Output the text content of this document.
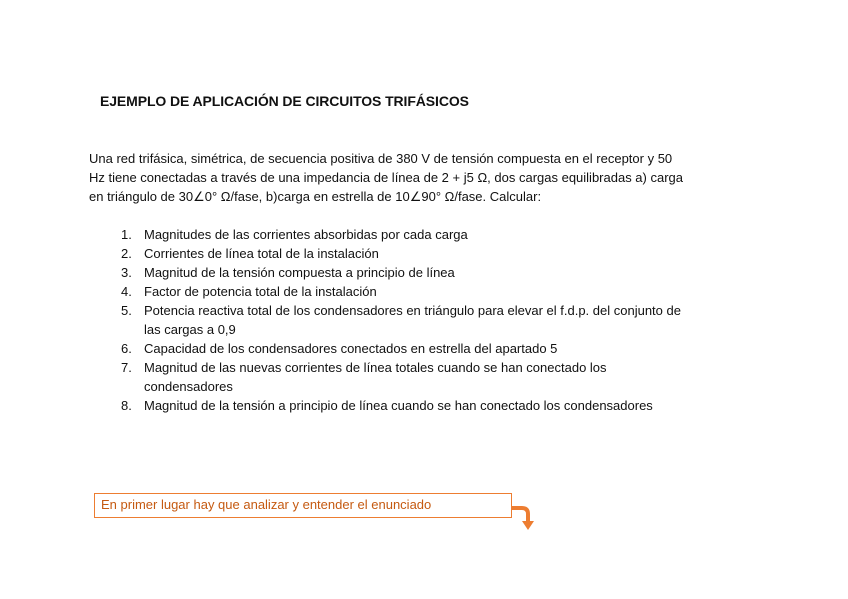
EJEMPLO DE APLICACIÓN DE CIRCUITOS TRIFÁSICOS
Una red trifásica, simétrica, de secuencia positiva de 380 V de tensión compuesta en el receptor y 50
Hz tiene conectadas a través de una impedancia de línea de 2 + j5 Ω, dos cargas equilibradas a) carga
en triángulo de 30∠0° Ω/fase, b)carga en estrella de 10∠90° Ω/fase. Calcular:
1. Magnitudes de las corrientes absorbidas por cada carga
2. Corrientes de línea total de la instalación
3. Magnitud de la tensión compuesta a principio de línea
4. Factor de potencia total de la instalación
5. Potencia reactiva total de los condensadores en triángulo para elevar el f.d.p. del conjunto de
las cargas a 0,9
6. Capacidad de los condensadores conectados en estrella del apartado 5
7. Magnitud de las nuevas corrientes de línea totales cuando se han conectado los
condensadores
8. Magnitud de la tensión a principio de línea cuando se han conectado los condensadores
En primer lugar hay que analizar y entender el enunciado
